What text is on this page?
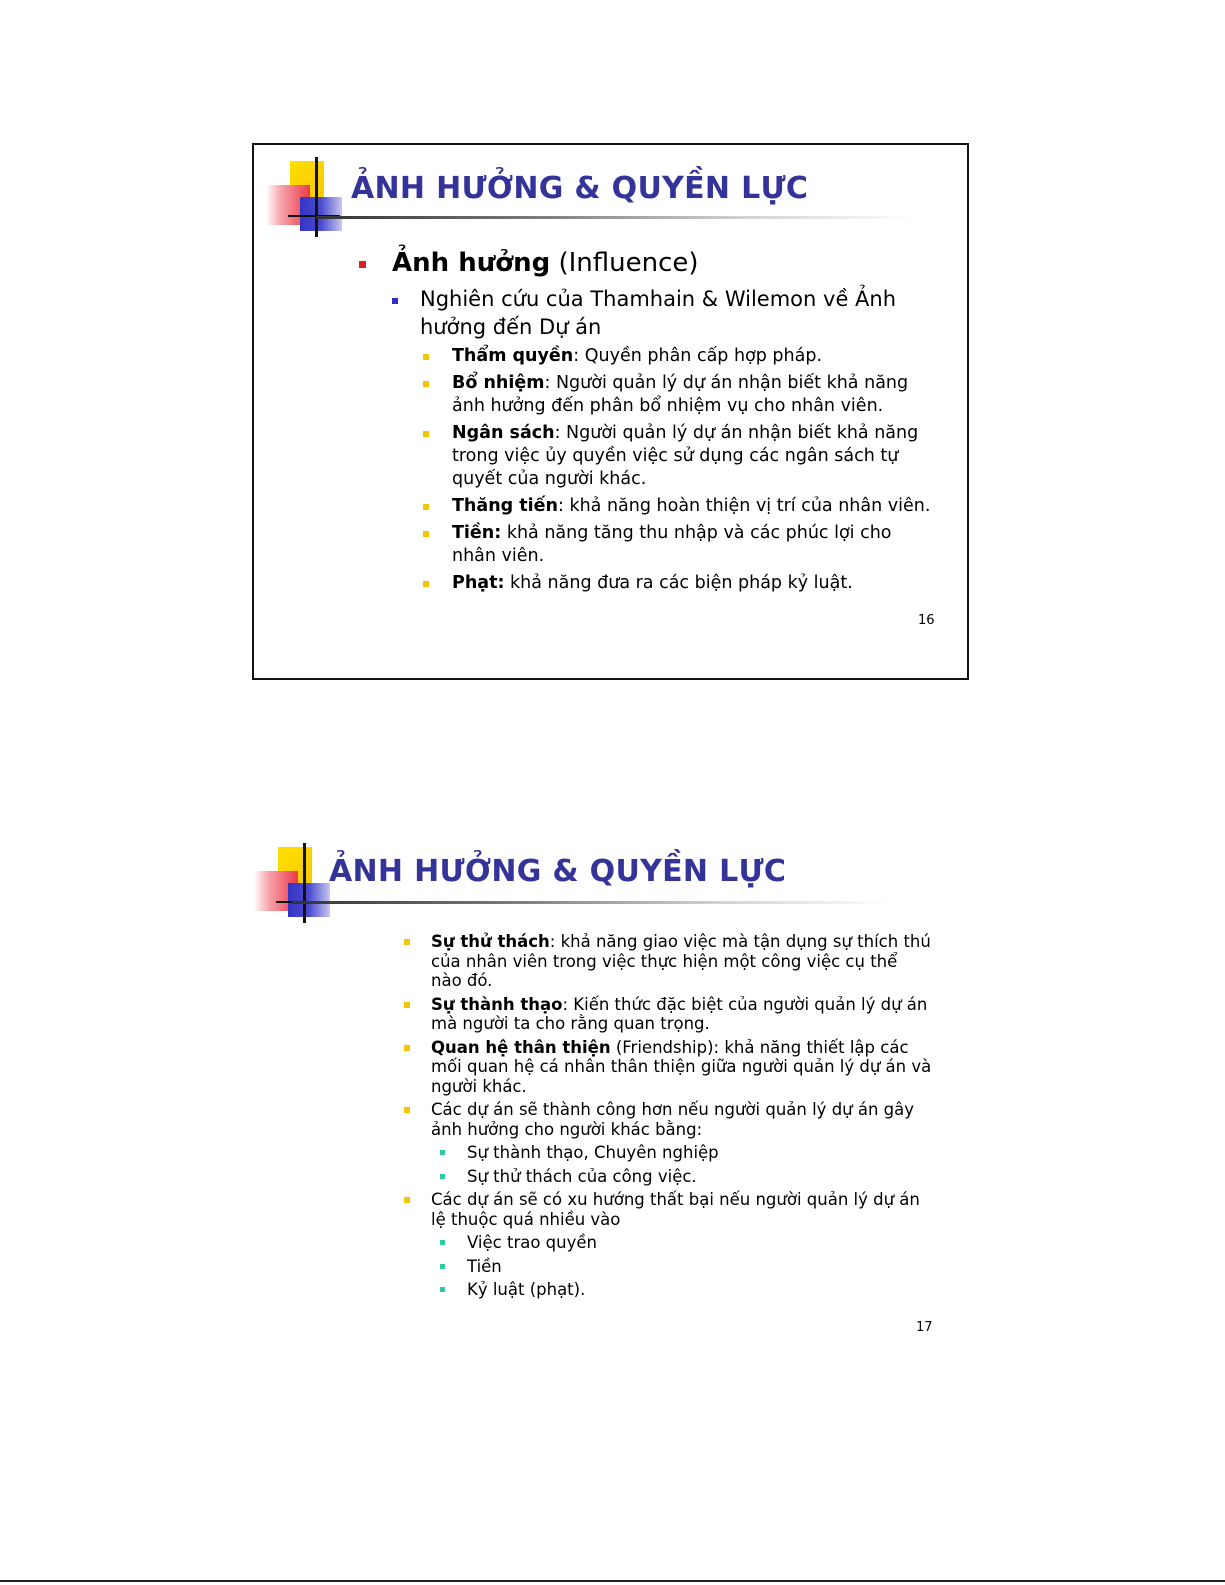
ẢNH HƯỞNG & QUYỀN LỰC
Ảnh hưởng (Influence)
Nghiên cứu của Thamhain & Wilemon về Ảnh hưởng đến Dự án
Thẩm quyền: Quyền phân cấp hợp pháp.
Bổ nhiệm: Người quản lý dự án nhận biết khả năng ảnh hưởng đến phân bổ nhiệm vụ cho nhân viên.
Ngân sách: Người quản lý dự án nhận biết khả năng trong việc ủy quyền việc sử dụng các ngân sách tự quyết của người khác.
Thăng tiến: khả năng hoàn thiện vị trí của nhân viên.
Tiền: khả năng tăng thu nhập và các phúc lợi cho nhân viên.
Phạt: khả năng đưa ra các biện pháp kỷ luật.
16
ẢNH HƯỞNG & QUYỀN LỰC
Sự thử thách: khả năng giao việc mà tận dụng sự thích thú của nhân viên trong việc thực hiện một công việc cụ thể nào đó.
Sự thành thạo: Kiến thức đặc biệt của người quản lý dự án mà người ta cho rằng quan trọng.
Quan hệ thân thiện (Friendship): khả năng thiết lập các mối quan hệ cá nhân thân thiện giữa người quản lý dự án và người khác.
Các dự án sẽ thành công hơn nếu người quản lý dự án gây ảnh hưởng cho người khác bằng:
Sự thành thạo, Chuyên nghiệp
Sự thử thách của công việc.
Các dự án sẽ có xu hướng thất bại nếu người quản lý dự án lệ thuộc quá nhiều vào
Việc trao quyền
Tiền
Kỷ luật (phạt).
17
